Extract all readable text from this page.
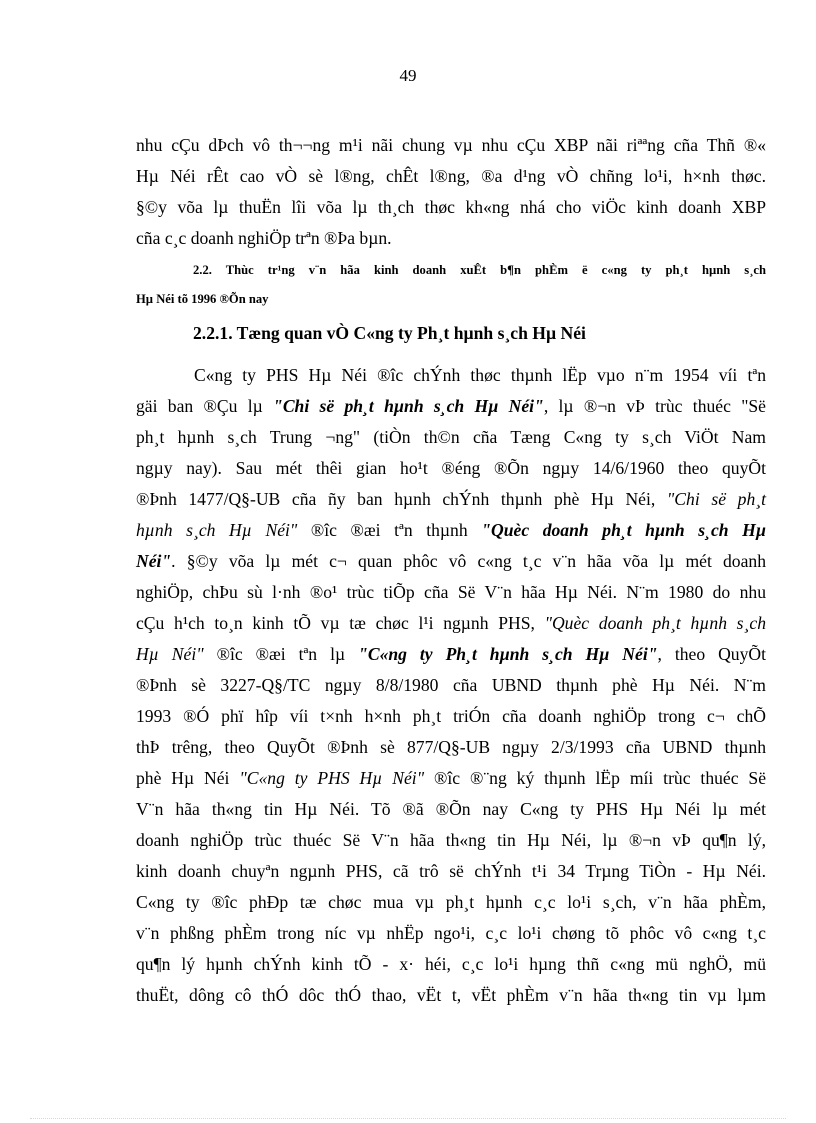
49
nhu cÇu dÞch vô th¬¬ng m¹i nãi chung vµ nhu cÇu XBP nãi riªªng cña Thñ ®«
Hµ Néi rÊt cao vÒ sè l®ng, chÊt l®ng, ®a d¹ng vÒ chñng lo¹i, h×nh thøc.
§©y võa lµ thuËn lîi võa lµ th¸ch thøc kh«ng nhá cho viÖc kinh doanh XBP
cña c¸c doanh nghiÖp trªn ®Þa bµn.
2.2. Thùc tr¹ng v¨n hãa kinh doanh xuÊt b¶n phÈm ë c«ng ty ph¸t hµnh s¸ch
Hµ Néi tõ 1996 ®Õn nay
2.2.1. Tæng quan vÒ C«ng ty Ph¸t hµnh s¸ch Hµ Néi
C«ng ty PHS Hµ Néi ®îc chÝnh thøc thµnh lËp vµo n¨m 1954 víi tªn
gäi ban ®Çu lµ "Chi së ph¸t hµnh s¸ch Hµ Néi", lµ ®¬n vÞ trùc thuéc "Së
ph¸t hµnh s¸ch Trung ¬ng" (tiÒn th©n cña Tæng C«ng ty s¸ch ViÖt Nam
ngµy nay). Sau mét thêi gian ho¹t ®éng ®Õn ngµy 14/6/1960 theo quyÕt
®Þnh 1477/Q§-UB cña ñy ban hµnh chÝnh thµnh phè Hµ Néi, "Chi së ph¸t
hµnh s¸ch Hµ Néi" ®îc ®æi tªn thµnh "Quèc doanh ph¸t hµnh s¸ch Hµ
Néi". §©y võa lµ mét c¬ quan phôc vô c«ng t¸c v¨n hãa võa lµ mét doanh
nghiÖp, chÞu sù l·nh ®o¹ trùc tiÕp cña Së V¨n hãa Hµ Néi. N¨m 1980 do nhu
cÇu h¹ch to¸n kinh tÕ vµ tæ chøc l¹i ngµnh PHS, "Quèc doanh ph¸t hµnh s¸ch
Hµ Néi" ®îc ®æi tªn lµ "C«ng ty Ph¸t hµnh s¸ch Hµ Néi", theo QuyÕt
®Þnh sè 3227-Q§/TC ngµy 8/8/1980 cña UBND thµnh phè Hµ Néi. N¨m
1993 ®Ó phï hîp víi t×nh h×nh ph¸t triÓn cña doanh nghiÖp trong c¬ chÕ
thÞ trêng, theo QuyÕt ®Þnh sè 877/Q§-UB ngµy 2/3/1993 cña UBND thµnh
phè Hµ Néi "C«ng ty PHS Hµ Néi" ®îc ®¨ng ký thµnh lËp míi trùc thuéc Së
V¨n hãa th«ng tin Hµ Néi. Tõ ®ã ®Õn nay C«ng ty PHS Hµ Néi lµ mét
doanh nghiÖp trùc thuéc Së V¨n hãa th«ng tin Hµ Néi, lµ ®¬n vÞ qu¶n lý,
kinh doanh chuyªn ngµnh PHS, cã trô së chÝnh t¹i 34 Trµng TiÒn - Hµ Néi.
C«ng ty ®îc phÐp tæ chøc mua vµ ph¸t hµnh c¸c lo¹i s¸ch, v¨n hãa phÈm,
v¨n phßng phÈm trong níc vµ nhËp ngo¹i, c¸c lo¹i chøng tõ phôc vô c«ng t¸c
qu¶n lý hµnh chÝnh kinh tÕ - x· héi, c¸c lo¹i hµng thñ c«ng mü nghÖ, mü
thuËt, dông cô thÓ dôc thÓ thao, vËt t, vËt phÈm v¨n hãa th«ng tin vµ lµm
